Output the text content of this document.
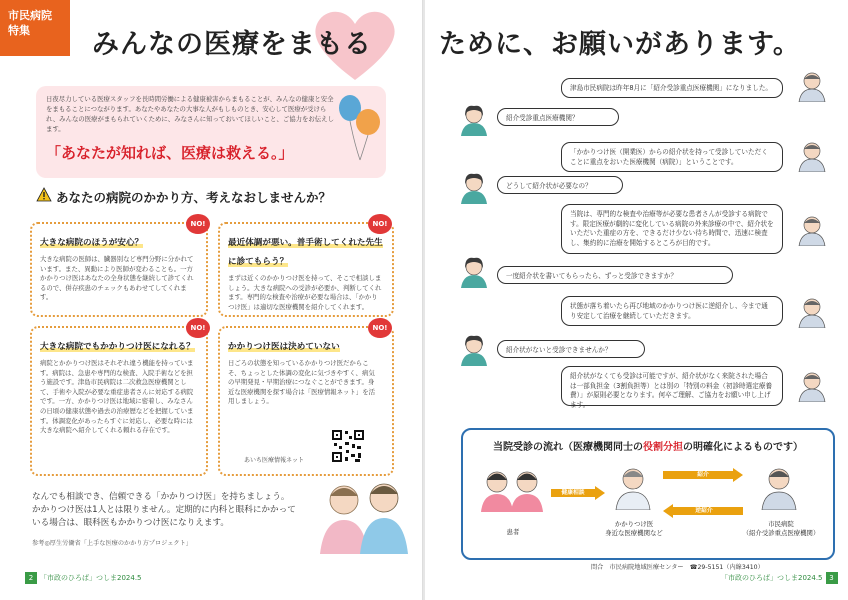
市民病院
特集	みんなの医療をまもる
日夜尽力している医療スタッフを長時間労働による健康被害からまもることが、みんなの健康と安全をまもることにつながります。あなたやあなたの大事な人がもしものとき、安心して医療が受けられ、みんなの医療がまもられていくために、みなさんに知っておいてほしいこと、ご協力をお伝えします。
「あなたが知れば、医療は救える。」
あなたの病院のかかり方、考えなおしませんか？
大きな病院のほうが安心？

大きな病院の医師は、臓器別など専門分野に分かれています。また、異動により医師が変わることも。一方かかりつけ医はあなたの全身状態を継続して診てくれるので、併存疾患のチェックもあわせてしてくれます。

NO!
最近体調が悪い。普手術してくれた先生に診てもらう？

まずは近くのかかりつけ医を持って、そこで相談しましょう。大きな病院への受診が必要か、判断してくれます。専門的な検査や治療が必要な場合は、「かかりつけ医」は適切な医療機関を紹介してくれます。

NO!
大きな病院でもかかりつけ医になれる？

病院とかかりつけ医はそれぞれ違う機能を持っています。病院は、急患や専門的な検査、入院手術などを担う施設です。津島市民病院は二次救急医療機関として、手術や入院が必要な重症患者さんに対応する病院です。一方、かかりつけ医は地域に密着し、みなさんの日頃の健康状態や過去の治療歴などを把握しています。体調変化があったらすぐに対応し、必要な時には大きな病院へ紹介してくれる頼れる存在です。

NO!
かかりつけ医は決めていない

日ごろの状態を知っているかかりつけ医だからこそ、ちょっとした体調の変化に気づきやすく、病気の早期発見・早期治療につなぐことができます。身近な医療機関を探す場合は「医療情報ネット」を活用しましょう。

あいち医療情報ネット
NO!
なんでも相談でき、信頼できる「かかりつけ医」を持ちましょう。
かかりつけ医は1人とは限りません。定期的に内科と眼科にかかって
いる場合は、眼科医もかかりつけ医になりえます。
参考◎厚生労働省「上手な医療のかかり方プロジェクト」
2 「市政のひろば」つしま2024.5
ために、お願いがあります。
津島市民病院は昨年8月に「紹介受診重点医療機関」になりました。
紹介受診重点医療機関？
「かかりつけ医（開業医）からの紹介状を持って受診していただくことに重点をおいた医療機関（病院）」ということです。
どうして紹介状が必要なの？
当院は、専門的な検査や治療等が必要な患者さんが受診する病院です。限定医療が劇的に変化している病院の外来診療の中で、紹介状をいただいた重症の方を、できるだけ少ない待ち時間で、迅速に検査し、集約的に治療を開始するところが目的です。
一度紹介状を書いてもらったら、ずっと受診できますか？
状態が落ち着いたら再び地域のかかりつけ医に逆紹介し、今まで通り安定して治療を継続していただきます。
紹介状がないと受診できませんか？
紹介状がなくても受診は可能ですが、紹介状がなく来院された場合は一部負担金（3割負担等）とは別の「特別の料金（初診時選定療養費）」が原則必要となります。何卒ご理解、ご協力をお願い申し上げます。
当院受診の流れ（医療機関同士の役割分担の明確化によるものです）
患者
健康相談
かかりつけ医
身近な医療機関など
紹介
逆紹介
市民病院
（紹介受診重点医療機関）
問合　市民病院地域医療センター　☎29-5151（内線3410）
「市政のひろば」つしま2024.5 3
